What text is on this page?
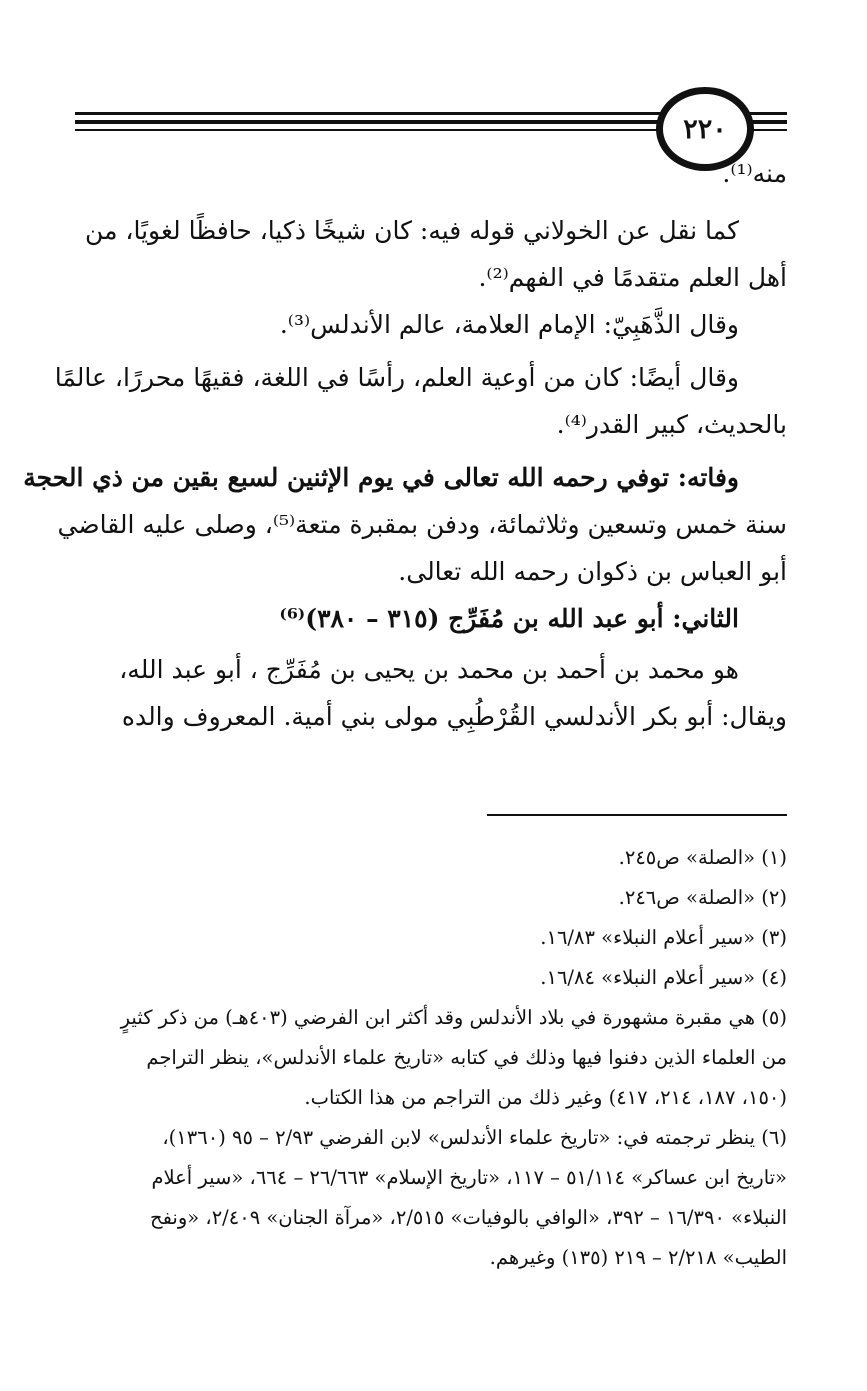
٢٢٠
منه⁽¹⁾.
كما نقل عن الخولاني قوله فيه: كان شيخًا ذكيا، حافظًا لغويًا، من
أهل العلم متقدمًا في الفهم⁽²⁾.
وقال الذَّهَبِيّ: الإمام العلامة، عالم الأندلس⁽³⁾.
وقال أيضًا: كان من أوعية العلم، رأسًا في اللغة، فقيهًا محررًا، عالمًا
بالحديث، كبير القدر⁽⁴⁾.
وفاته: توفي رحمه الله تعالى في يوم الإثنين لسبع بقين من ذي الحجة
سنة خمس وتسعين وثلاثمائة، ودفن بمقبرة متعة⁽⁵⁾، وصلى عليه القاضي
أبو العباس بن ذكوان رحمه الله تعالى.
الثاني: أبو عبد الله بن مُفَرِّج (٣١٥ – ٣٨٠)⁽⁶⁾
هو محمد بن أحمد بن محمد بن يحيى بن مُفَرِّج ، أبو عبد الله،
ويقال: أبو بكر الأندلسي القُرْطُبِي مولى بني أمية. المعروف والده

(١) «الصلة» ص٢٤٥.

(٢) «الصلة» ص٢٤٦.

(٣) «سير أعلام النبلاء» ١٦/٨٣.

(٤) «سير أعلام النبلاء» ١٦/٨٤.

(٥) هي مقبرة مشهورة في بلاد الأندلس وقد أكثر ابن الفرضي (٤٠٣هـ) من ذكر كثيرٍ

من العلماء الذين دفنوا فيها وذلك في كتابه «تاريخ علماء الأندلس»، ينظر التراجم

(١٥٠، ١٨٧، ٢١٤، ٤١٧) وغير ذلك من التراجم من هذا الكتاب.

(٦) ينظر ترجمته في: «تاريخ علماء الأندلس» لابن الفرضي ٢/٩٣ – ٩٥ (١٣٦٠)،

«تاريخ ابن عساكر» ٥١/١١٤ – ١١٧، «تاريخ الإسلام» ٢٦/٦٦٣ – ٦٦٤، «سير أعلام

النبلاء» ١٦/٣٩٠ – ٣٩٢، «الوافي بالوفيات» ٢/٥١٥، «مرآة الجنان» ٢/٤٠٩، «ونفح

الطيب» ٢/٢١٨ – ٢١٩ (١٣٥) وغيرهم.
